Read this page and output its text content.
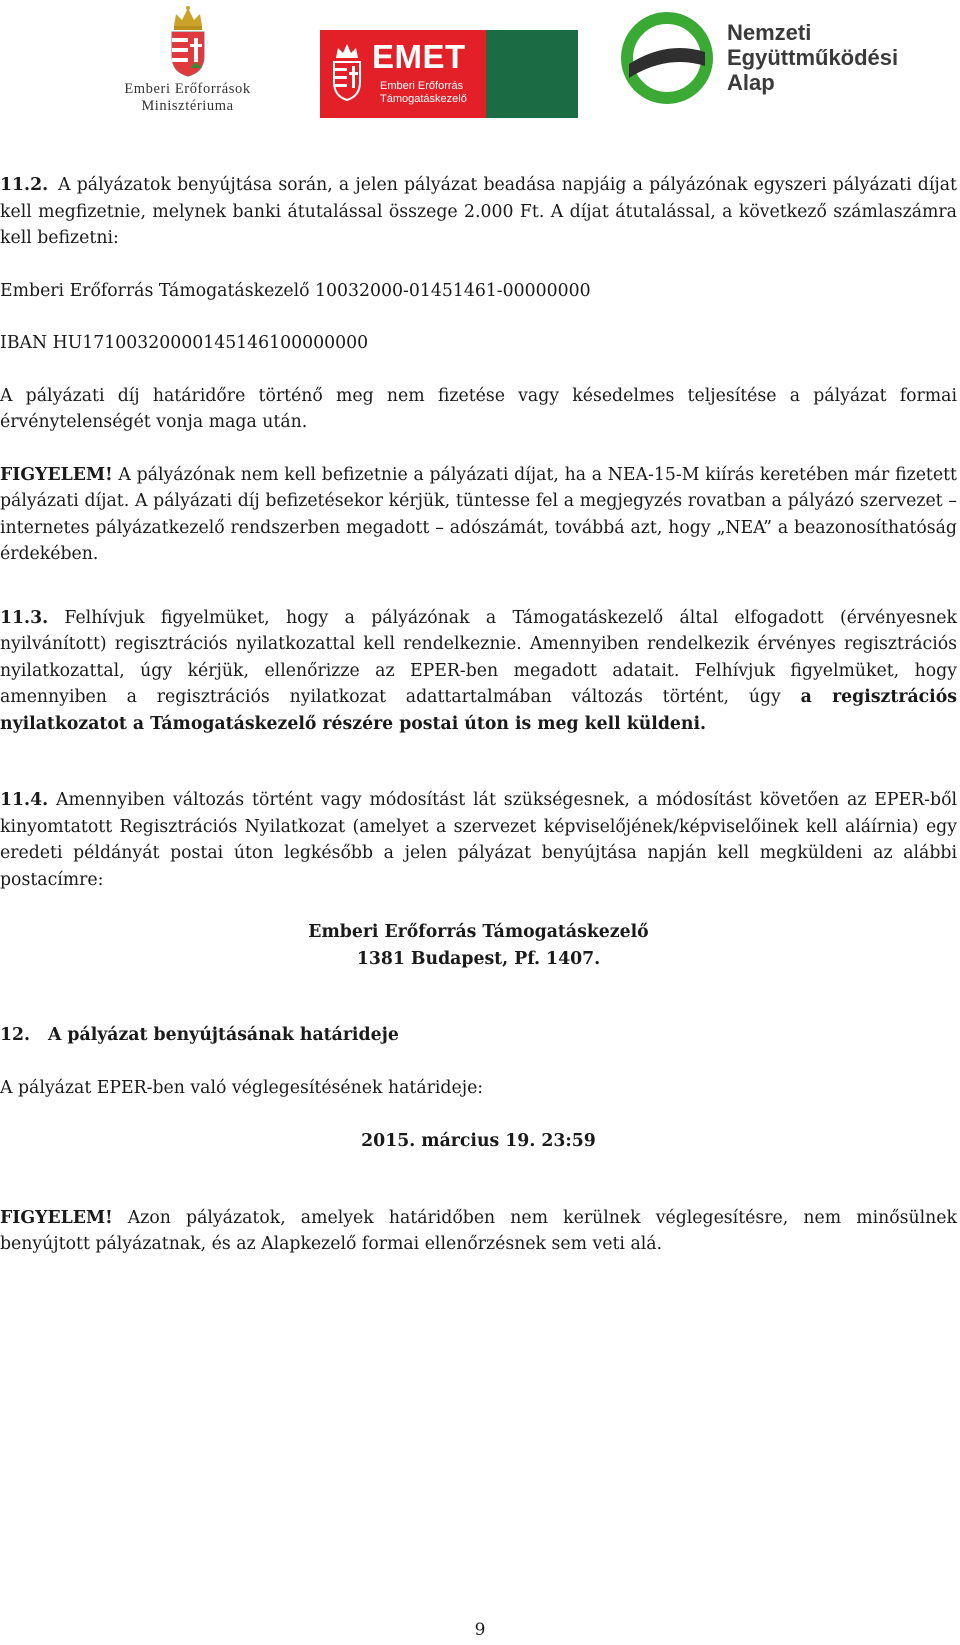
Emberi Erőforrások
Minisztériuma
EMET
Emberi Erőforrás
Támogatáskezelő
Nemzeti
Együttműködési
Alap

11.2. A pályázatok benyújtása során, a jelen pályázat beadása napjáig a pályázónak egyszeri pályázati díjat kell megfizetnie, melynek banki átutalással összege 2.000 Ft. A díjat átutalással, a következő számlaszámra kell befizetni:

Emberi Erőforrás Támogatáskezelő 10032000-01451461-00000000

IBAN HU17100320000145146100000000

A pályázati díj határidőre történő meg nem fizetése vagy késedelmes teljesítése a pályázat formai érvénytelenségét vonja maga után.

FIGYELEM! A pályázónak nem kell befizetnie a pályázati díjat, ha a NEA-15-M kiírás keretében már fizetett pályázati díjat. A pályázati díj befizetésekor kérjük, tüntesse fel a megjegyzés rovatban a pályázó szervezet – internetes pályázatkezelő rendszerben megadott – adószámát, továbbá azt, hogy „NEA” a beazonosíthatóság érdekében.

11.3. Felhívjuk figyelmüket, hogy a pályázónak a Támogatáskezelő által elfogadott (érvényesnek nyilvánított) regisztrációs nyilatkozattal kell rendelkeznie. Amennyiben rendelkezik érvényes regisztrációs nyilatkozattal, úgy kérjük, ellenőrizze az EPER-ben megadott adatait. Felhívjuk figyelmüket, hogy amennyiben a regisztrációs nyilatkozat adattartalmában változás történt, úgy a regisztrációs nyilatkozatot a Támogatáskezelő részére postai úton is meg kell küldeni.

11.4. Amennyiben változás történt vagy módosítást lát szükségesnek, a módosítást követően az EPER-ből kinyomtatott Regisztrációs Nyilatkozat (amelyet a szervezet képviselőjének/képviselőinek kell aláírnia) egy eredeti példányát postai úton legkésőbb a jelen pályázat benyújtása napján kell megküldeni az alábbi postacímre:

Emberi Erőforrás Támogatáskezelő

1381 Budapest, Pf. 1407.

12. A pályázat benyújtásának határideje

A pályázat EPER-ben való véglegesítésének határideje:

2015. március 19. 23:59

FIGYELEM! Azon pályázatok, amelyek határidőben nem kerülnek véglegesítésre, nem minősülnek benyújtott pályázatnak, és az Alapkezelő formai ellenőrzésnek sem veti alá.

9
